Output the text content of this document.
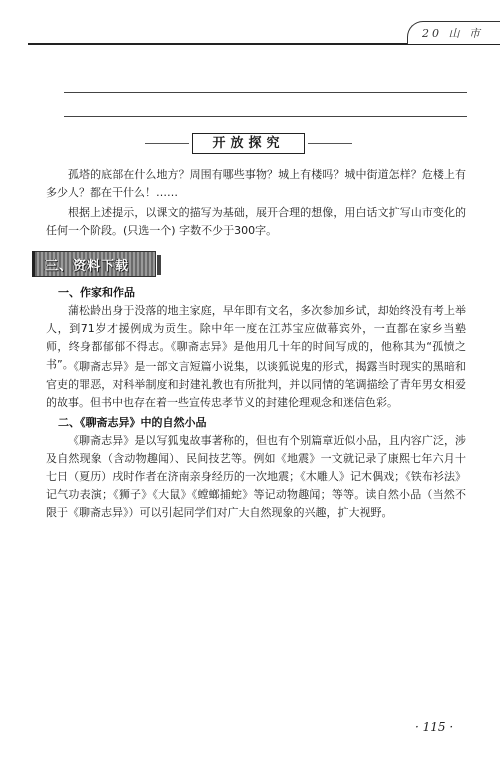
20 山 市
开放探究
孤塔的底部在什么地方？周围有哪些事物？城上有楼吗？城中街道怎样？危楼上有多少人？都在干什么！……
根据上述提示，以课文的描写为基础，展开合理的想像，用白话文扩写山市变化的任何一个阶段。(只选一个) 字数不少于300字。
三、资料下载
一、作家和作品
蒲松龄出身于没落的地主家庭，早年即有文名，多次参加乡试，却始终没有考上举人，到71岁才援例成为贡生。除中年一度在江苏宝应做幕宾外，一直都在家乡当塾师，终身都郁郁不得志。《聊斋志异》是他用几十年的时间写成的，他称其为“孤愤之书”。
《聊斋志异》是一部文言短篇小说集，以谈狐说鬼的形式，揭露当时现实的黑暗和官吏的罪恶，对科举制度和封建礼教也有所批判，并以同情的笔调描绘了青年男女相爱的故事。但书中也存在着一些宣传忠孝节义的封建伦理观念和迷信色彩。
二、《聊斋志异》中的自然小品
《聊斋志异》是以写狐鬼故事著称的，但也有个别篇章近似小品，且内容广泛，涉及自然现象（含动物趣闻）、民间技艺等。例如《地震》一文就记录了康熙七年六月十七日（夏历）戌时作者在济南亲身经历的一次地震；《木雕人》记木偶戏；《铁布衫法》记气功表演；《狮子》《大鼠》《螳螂捕蛇》等记动物趣闻；等等。读自然小品（当然不限于《聊斋志异》）可以引起同学们对广大自然现象的兴趣，扩大视野。
· 115 ·
